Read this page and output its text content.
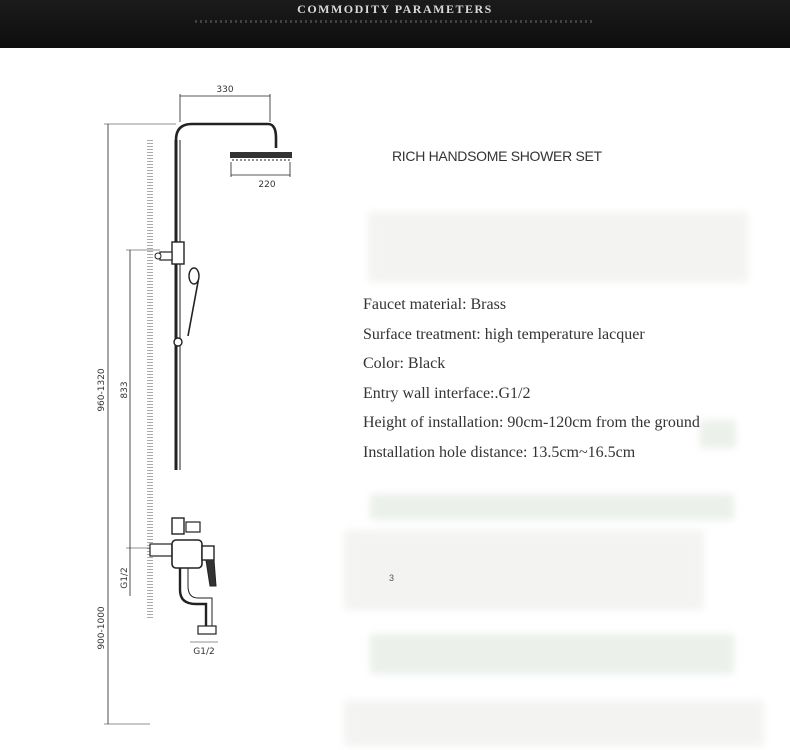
COMMODITY PARAMETERS
330
220
960-1320 833
G1/2
G1/2
900-1000
RICH HANDSOME SHOWER SET
Faucet material: Brass
Surface treatment: high temperature lacquer
Color: Black
Entry wall interface:.G1/2
Height of installation: 90cm-120cm from the ground
Installation hole distance: 13.5cm~16.5cm
3
